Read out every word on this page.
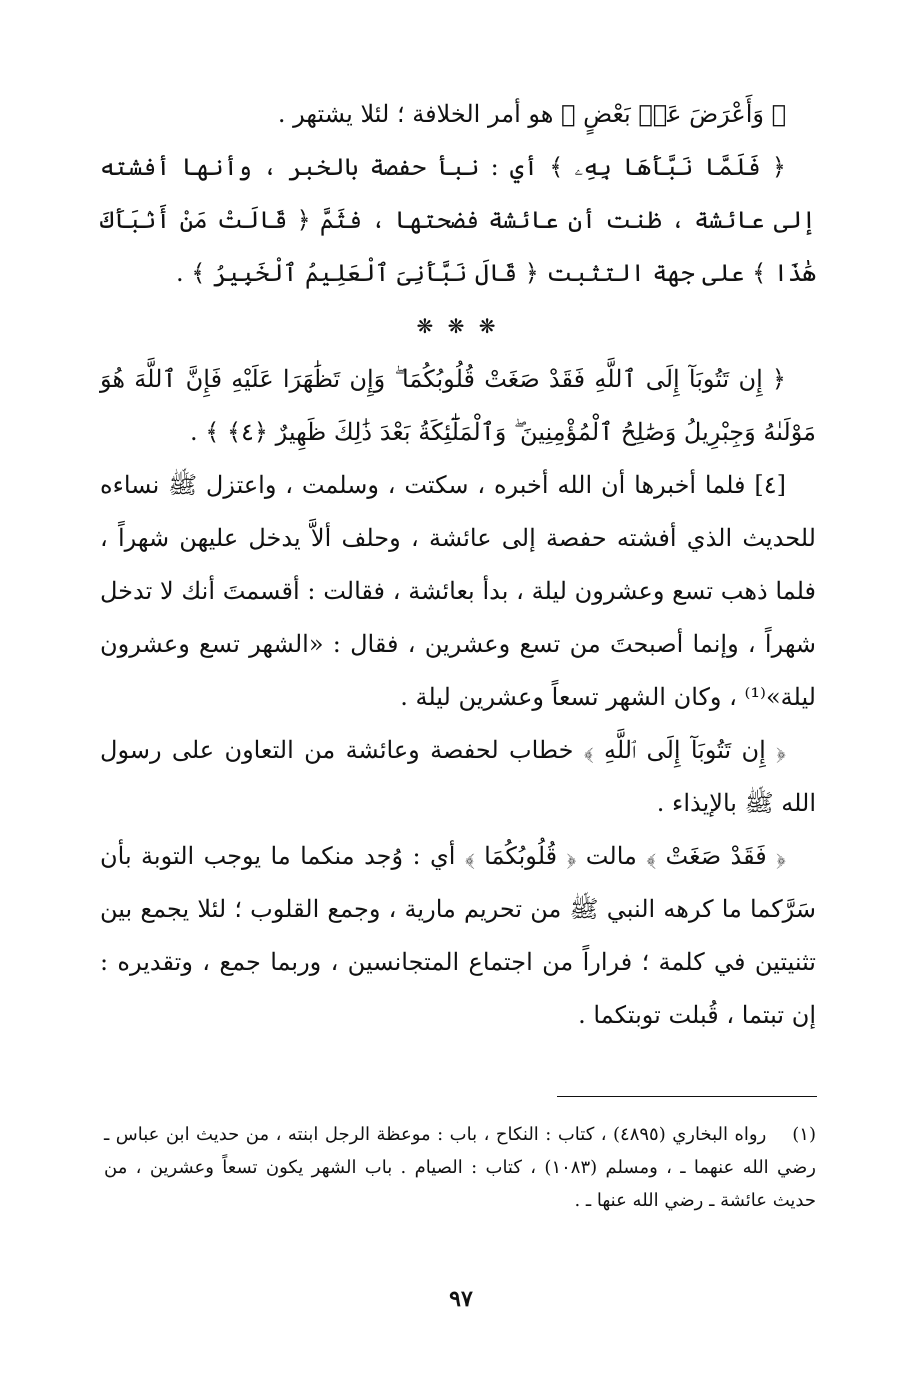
﴿ وَأَعْرَضَ عَنۢ بَعْضٍ ﴾ هو أمر الخلافة ؛ لئلا يشتهر .

﴿ فَلَمَّا نَبَّأَهَا بِهِۦ ﴾ أي : نبأ حفصة بالخبر ، وأنها أفشته إلى عائشة ، ظنت أن عائشة فضحتها ، فثَمَّ ﴿ قَالَتْ مَنْ أَنۢبَأَكَ هَٰذَا ﴾ على جهة التثبت ﴿ قَالَ نَبَّأَنِىَ ٱلْعَلِيمُ ٱلْخَبِيرُ ﴾ .

❋ ❋ ❋

﴿ إِن تَتُوبَآ إِلَى ٱللَّهِ فَقَدْ صَغَتْ قُلُوبُكُمَا ۖ وَإِن تَظَٰهَرَا عَلَيْهِ فَإِنَّ ٱللَّهَ هُوَ مَوْلَىٰهُ وَجِبْرِيلُ وَصَٰلِحُ ٱلْمُؤْمِنِينَ ۖ وَٱلْمَلَٰٓئِكَةُ بَعْدَ ذَٰلِكَ ظَهِيرٌ ﴿٤﴾ ﴾ .

[٤] فلما أخبرها أن الله أخبره ، سكتت ، وسلمت ، واعتزل ﷺ نساءه للحديث الذي أفشته حفصة إلى عائشة ، وحلف ألاَّ يدخل عليهن شهراً ، فلما ذهب تسع وعشرون ليلة ، بدأ بعائشة ، فقالت : أقسمتَ أنك لا تدخل شهراً ، وإنما أصبحتَ من تسع وعشرين ، فقال : «الشهر تسع وعشرون ليلة»⁽¹⁾ ، وكان الشهر تسعاً وعشرين ليلة .

﴿ إِن تَتُوبَآ إِلَى ٱللَّهِ ﴾ خطاب لحفصة وعائشة من التعاون على رسول الله ﷺ بالإيذاء .

﴿ فَقَدْ صَغَتْ ﴾ مالت ﴿ قُلُوبُكُمَا ﴾ أي : وُجد منكما ما يوجب التوبة بأن سَرَّكما ما كرهه النبي ﷺ من تحريم مارية ، وجمع القلوب ؛ لئلا يجمع بين تثنيتين في كلمة ؛ فراراً من اجتماع المتجانسين ، وربما جمع ، وتقديره : إن تبتما ، قُبلت توبتكما .

(١)    رواه البخاري (٤٨٩٥) ، كتاب : النكاح ، باب : موعظة الرجل ابنته ، من حديث ابن عباس ـ رضي الله عنهما ـ ، ومسلم (١٠٨٣) ، كتاب : الصيام . باب الشهر يكون تسعاً وعشرين ، من حديث عائشة ـ رضي الله عنها ـ .

٩٧
